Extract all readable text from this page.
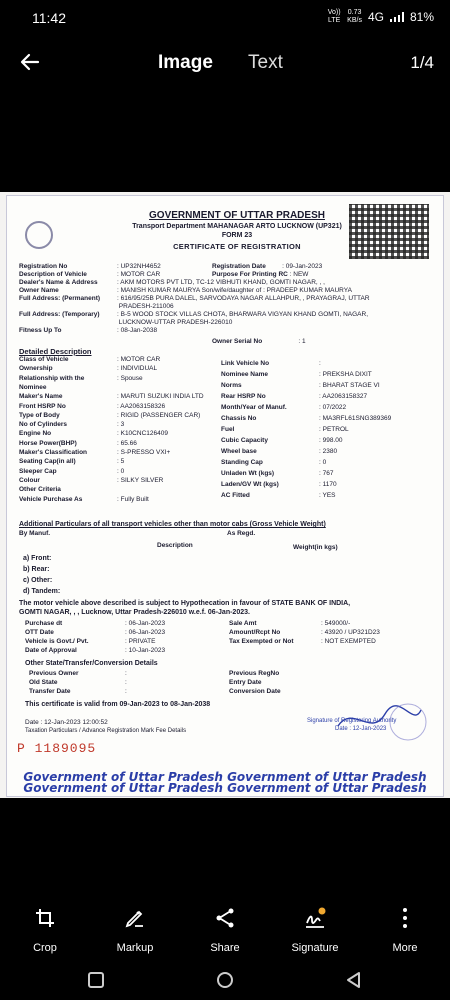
11:42	Vo)) LTE
0.73
KB/s 4G 81%
Image Text	1/4
GOVERNMENT OF UTTAR PRADESH
Transport Department MAHANAGAR ARTO LUCKNOW (UP321)
FORM 23
CERTIFICATE OF REGISTRATION
Registration No	: UP32NH4652
Description of Vehicle	: MOTOR CAR
Dealer's Name & Address	: AKM MOTORS PVT LTD, TC-12 VIBHUTI KHAND, GOMTI NAGAR, , ,
Owner Name	: MANISH KUMAR MAURYA Son/wife/daughter of : PRADEEP KUMAR MAURYA
Full Address: (Permanent)	: 616/95/25B PURA DALEL, SARVODAYA NAGAR ALLAHPUR, , PRAYAGRAJ, UTTAR
PRADESH-211006
Full Address: (Temporary)	: B-5 WOOD STOCK VILLAS CHOTA, BHARWARA VIGYAN KHAND GOMTI, NAGAR,
LUCKNOW-UTTAR PRADESH-226010
Fitness Up To	: 08-Jan-2038
Registration Date	: 09-Jan-2023
Purpose For Printing RC : NEW
Owner Serial No	: 1
Detailed Description
Class of Vehicle	: MOTOR CAR
Ownership	: INDIVIDUAL
Relationship with the	: Spouse
Nominee
Maker's Name	: MARUTI SUZUKI INDIA LTD
Front HSRP No	: AA2063158326
Type of Body	: RIGID (PASSENGER CAR)
No of Cylinders	: 3
Engine No	: K10CNC126409
Horse Power(BHP)	: 65.66
Maker's Classification	: S-PRESSO VXI+
Seating Cap(in all)	: 5
Sleeper Cap	: 0
Colour	: SILKY SILVER
Other Criteria
Vehicle Purchase As	: Fully Built
Link Vehicle No	:
Nominee Name	: PREKSHA DIXIT
Norms	: BHARAT STAGE VI
Rear HSRP No	: AA2063158327
Month/Year of Manuf.	: 07/2022
Chassis No	: MA3RFL61SNG389369
Fuel	: PETROL
Cubic Capacity	: 998.00
Wheel base	: 2380
Standing Cap	: 0
Unladen Wt (kgs)	: 767
Laden/GV Wt (kgs)	: 1170
AC Fitted	: YES
Additional Particulars of all transport vehicles other than motor cabs (Gross Vehicle Weight)
By Manuf.	As Regd.
Description	Weight(in kgs)
a) Front:
b) Rear:
c) Other:
d) Tandem:
The motor vehicle above described is subject to Hypothecation in favour of STATE BANK OF INDIA,
GOMTI NAGAR, , , Lucknow, Uttar Pradesh-226010 w.e.f. 06-Jan-2023.
Purchase dt	: 06-Jan-2023
OTT Date	: 06-Jan-2023
Vehicle is Govt./ Pvt.	: PRIVATE
Date of Approval	: 10-Jan-2023
Sale Amt	: 549000/-
Amount/Rcpt No	: 43920 / UP321D23
Tax Exempted or Not	: NOT EXEMPTED
Other State/Transfer/Conversion Details
Previous Owner	:
Old State	:
Transfer Date	:
Previous RegNo
Entry Date
Conversion Date
This certificate is valid from 09-Jan-2023 to 08-Jan-2038
Date : 12-Jan-2023 12:00:52
Taxation Particulars / Advance Registration Mark Fee Details
Signature of Registering Authority
Date : 12-Jan-2023
P 1189095
Government of Uttar Pradesh Government of Uttar Pradesh
Government of Uttar Pradesh Government of Uttar Pradesh
Crop	Markup	Share	Signature	More
